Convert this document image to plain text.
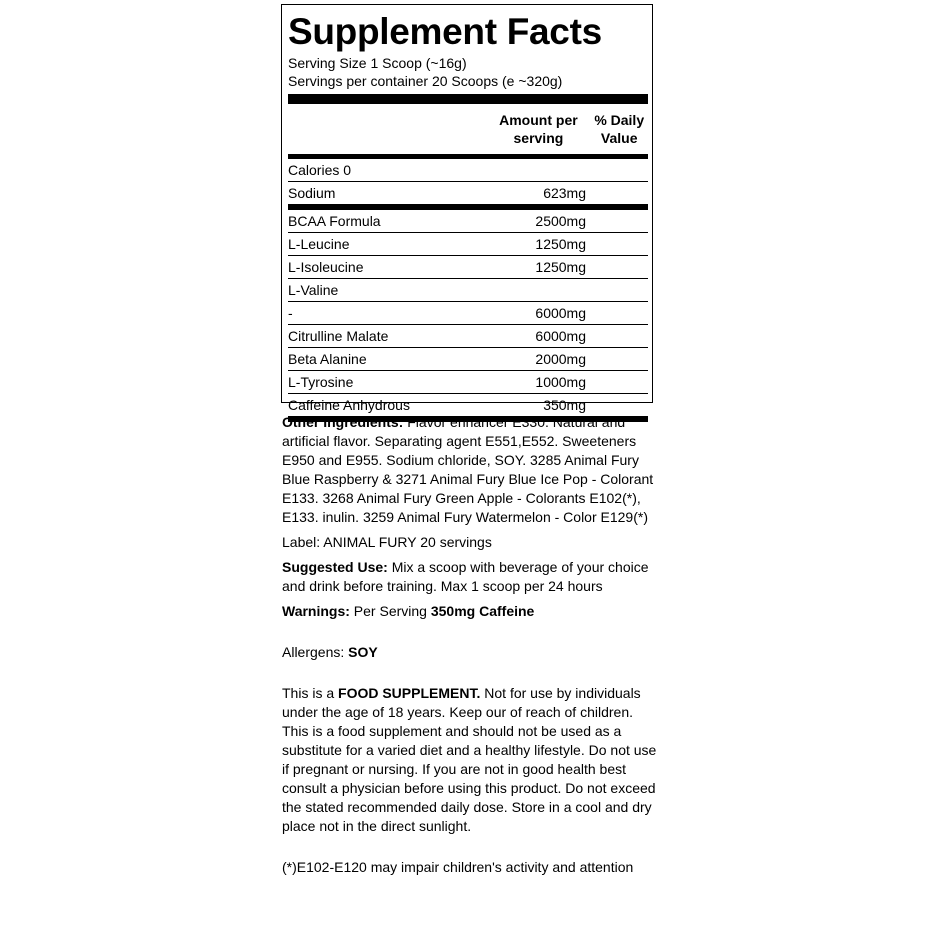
Supplement Facts
Serving Size 1 Scoop (~16g)
Servings per container 20 Scoops (e ~320g)
Amount per
serving
% Daily
Value
Calories 0
Sodium	623mg
BCAA Formula	2500mg
L-Leucine	1250mg
L-Isoleucine	1250mg
L-Valine
-	6000mg
Citrulline Malate	6000mg
Beta Alanine	2000mg
L-Tyrosine	1000mg
Caffeine Anhydrous	350mg

Other Ingredients: Flavor enhancer E330. Natural and artificial flavor. Separating agent E551,E552. Sweeteners E950 and E955. Sodium chloride, SOY. 3285 Animal Fury Blue Raspberry & 3271 Animal Fury Blue Ice Pop - Colorant E133. 3268 Animal Fury Green Apple - Colorants E102(*), E133. inulin. 3259 Animal Fury Watermelon - Color E129(*)

Label: ANIMAL FURY 20 servings

Suggested Use: Mix a scoop with beverage of your choice and drink before training. Max 1 scoop per 24 hours

Warnings: Per Serving 350mg Caffeine

Allergens: SOY

This is a FOOD SUPPLEMENT. Not for use by individuals under the age of 18 years. Keep our of reach of children. This is a food supplement and should not be used as a substitute for a varied diet and a healthy lifestyle. Do not use if pregnant or nursing. If you are not in good health best consult a physician before using this product. Do not exceed the stated recommended daily dose. Store in a cool and dry place not in the direct sunlight.

(*)E102-E120 may impair children's activity and attention
